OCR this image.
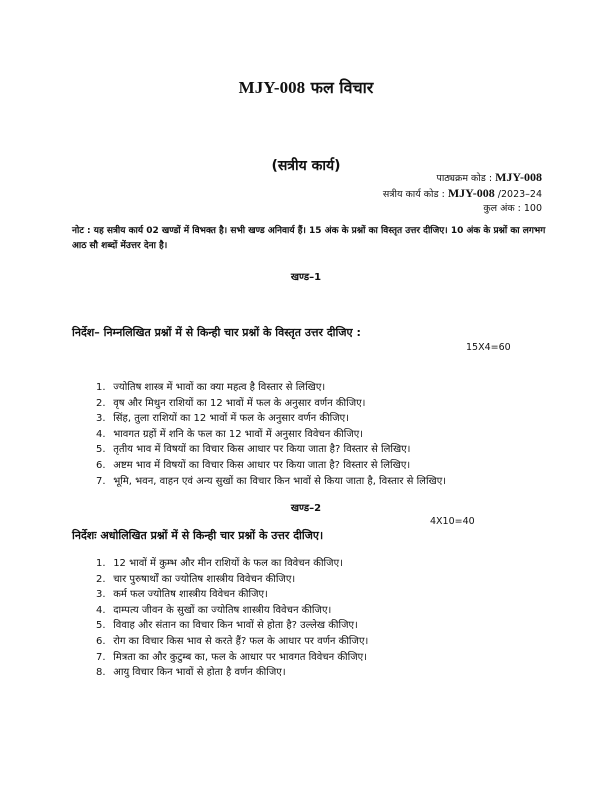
MJY-008 फल विचार
(सत्रीय कार्य)
पाठ्यक्रम कोड : MJY-008
सत्रीय कार्य कोड : MJY-008 /2023–24
कुल अंक : 100
नोट : यह सत्रीय कार्य 02 खण्डों में विभक्त है। सभी खण्ड अनिवार्य हैं। 15 अंक के प्रश्नों का विस्तृत उत्तर दीजिए। 10 अंक के प्रश्नों का लगभग आठ सौ शब्दों मेंउत्तर देना है।
खण्ड–1
निर्देश– निम्नलिखित प्रश्नों में से किन्ही चार प्रश्नों के विस्तृत उत्तर दीजिए :
15X4=60
1. ज्योतिष शास्त्र में भावों का क्या महत्व है विस्तार से लिखिए।
2. वृष और मिथुन राशियों का 12 भावों में फल के अनुसार वर्णन कीजिए।
3. सिंह, तुला राशियों का 12 भावों में फल के अनुसार वर्णन कीजिए।
4. भावगत ग्रहों में शनि के फल का 12 भावों में अनुसार विवेचन कीजिए।
5. तृतीय भाव में विषयों का विचार किस आधार पर किया जाता है? विस्तार से लिखिए।
6. अष्टम भाव में विषयों का विचार किस आधार पर किया जाता है? विस्तार से लिखिए।
7. भूमि, भवन, वाहन एवं अन्य सुखों का विचार किन भावों से किया जाता है, विस्तार से लिखिए।
खण्ड–2
4X10=40
निर्देशः अधोलिखित प्रश्नों में से किन्ही चार प्रश्नों के उत्तर दीजिए।
1. 12 भावों में कुम्भ और मीन राशियों के फल का विवेचन कीजिए।
2. चार पुरुषार्थों का ज्योतिष शास्त्रीय विवेचन कीजिए।
3. कर्म फल ज्योतिष शास्त्रीय विवेचन कीजिए।
4. दाम्पत्य जीवन के सुखों का ज्योतिष शास्त्रीय विवेचन कीजिए।
5. विवाह और संतान का विचार किन भावों से होता है? उल्लेख कीजिए।
6. रोग का विचार किस भाव से करते हैं? फल के आधार पर वर्णन कीजिए।
7. मित्रता का और कुटुम्ब का, फल के आधार पर भावगत विवेचन कीजिए।
8. आयु विचार किन भावों से होता है वर्णन कीजिए।
